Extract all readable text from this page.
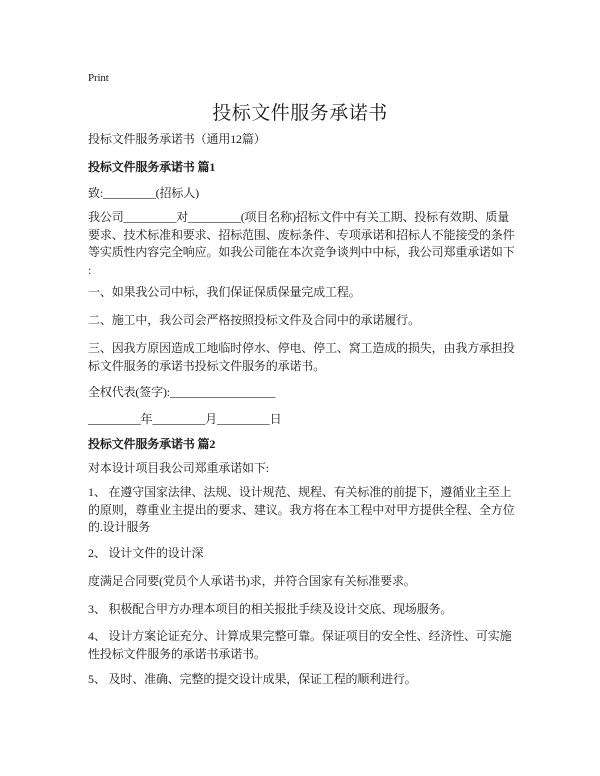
Print
投标文件服务承诺书
投标文件服务承诺书（通用12篇）
投标文件服务承诺书 篇1
致:_________(招标人)
我公司_________对_________(项目名称)招标文件中有关工期、投标有效期、质量
要求、技术标准和要求、招标范围、废标条件、专项承诺和招标人不能接受的条件
等实质性内容完全响应。如我公司能在本次竞争谈判中中标，我公司郑重承诺如下
:
一、如果我公司中标，我们保证保质保量完成工程。
二、施工中，我公司会严格按照投标文件及合同中的承诺履行。
三、因我方原因造成工地临时停水、停电、停工、窝工造成的损失，由我方承担投
标文件服务的承诺书投标文件服务的承诺书。
全权代表(签字):__________________
_________年_________月_________日
投标文件服务承诺书 篇2
对本设计项目我公司郑重承诺如下:
1、 在遵守国家法律、法规、设计规范、规程、有关标准的前提下，遵循业主至上
的原则，尊重业主提出的要求、建议。我方将在本工程中对甲方提供全程、全方位
的.设计服务
2、 设计文件的设计深
度满足合同要(党员个人承诺书)求，并符合国家有关标准要求。
3、 积极配合甲方办理本项目的相关报批手续及设计交底、现场服务。
4、 设计方案论证充分、计算成果完整可靠。保证项目的安全性、经济性、可实施
性投标文件服务的承诺书承诺书。
5、 及时、准确、完整的提交设计成果，保证工程的顺利进行。
